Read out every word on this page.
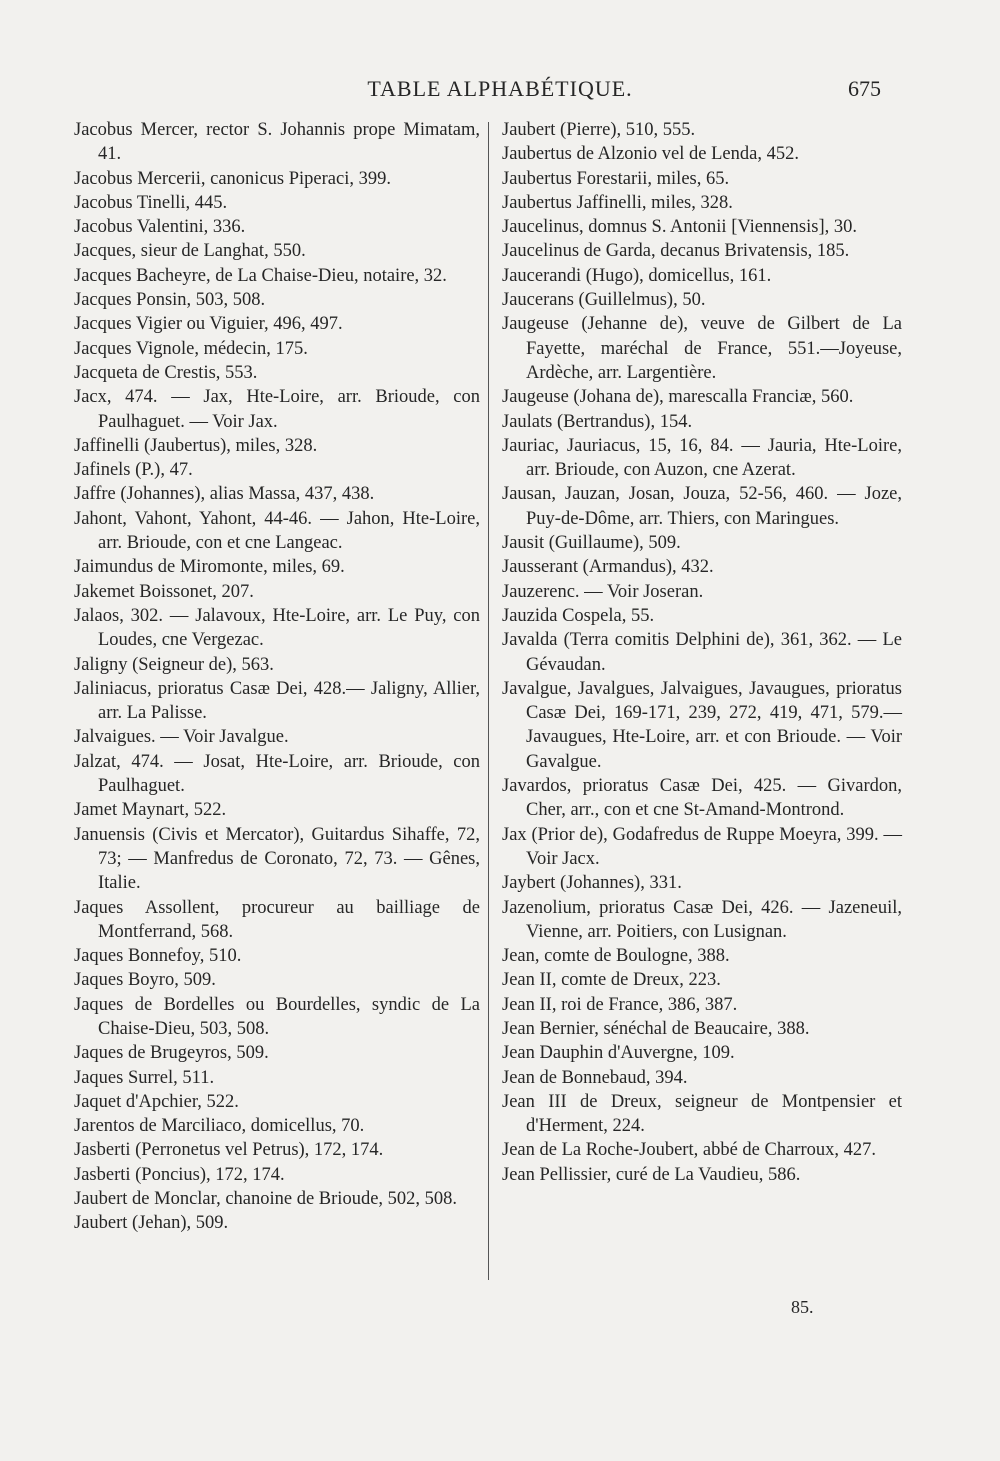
TABLE ALPHABÉTIQUE.	675
Jacobus Mercer, rector S. Johannis prope Mimatam, 41.
Jacobus Mercerii, canonicus Piperaci, 399.
Jacobus Tinelli, 445.
Jacobus Valentini, 336.
Jacques, sieur de Langhat, 550.
Jacques Bacheyre, de La Chaise-Dieu, notaire, 32.
Jacques Ponsin, 503, 508.
Jacques Vigier ou Viguier, 496, 497.
Jacques Vignole, médecin, 175.
Jacqueta de Crestis, 553.
Jacx, 474. — Jax, Hte-Loire, arr. Brioude, con Paulhaguet. — Voir Jax.
Jaffinelli (Jaubertus), miles, 328.
Jafinels (P.), 47.
Jaffre (Johannes), alias Massa, 437, 438.
Jahont, Vahont, Yahont, 44-46. — Jahon, Hte-Loire, arr. Brioude, con et cne Langeac.
Jaimundus de Miromonte, miles, 69.
Jakemet Boissonet, 207.
Jalaos, 302. — Jalavoux, Hte-Loire, arr. Le Puy, con Loudes, cne Vergezac.
Jaligny (Seigneur de), 563.
Jaliniacus, prioratus Casæ Dei, 428.— Jaligny, Allier, arr. La Palisse.
Jalvaigues. — Voir Javalgue.
Jalzat, 474. — Josat, Hte-Loire, arr. Brioude, con Paulhaguet.
Jamet Maynart, 522.
Januensis (Civis et Mercator), Guitardus Sihaffe, 72, 73; — Manfredus de Coronato, 72, 73. — Gênes, Italie.
Jaques Assollent, procureur au bailliage de Montferrand, 568.
Jaques Bonnefoy, 510.
Jaques Boyro, 509.
Jaques de Bordelles ou Bourdelles, syndic de La Chaise-Dieu, 503, 508.
Jaques de Brugeyros, 509.
Jaques Surrel, 511.
Jaquet d'Apchier, 522.
Jarentos de Marciliaco, domicellus, 70.
Jasberti (Perronetus vel Petrus), 172, 174.
Jasberti (Poncius), 172, 174.
Jaubert de Monclar, chanoine de Brioude, 502, 508.
Jaubert (Jehan), 509.
Jaubert (Pierre), 510, 555.
Jaubertus de Alzonio vel de Lenda, 452.
Jaubertus Forestarii, miles, 65.
Jaubertus Jaffinelli, miles, 328.
Jaucelinus, domnus S. Antonii [Viennensis], 30.
Jaucelinus de Garda, decanus Brivatensis, 185.
Jaucerandi (Hugo), domicellus, 161.
Jaucerans (Guillelmus), 50.
Jaugeuse (Jehanne de), veuve de Gilbert de La Fayette, maréchal de France, 551.—Joyeuse, Ardèche, arr. Largentière.
Jaugeuse (Johana de), marescalla Franciæ, 560.
Jaulats (Bertrandus), 154.
Jauriac, Jauriacus, 15, 16, 84. — Jauria, Hte-Loire, arr. Brioude, con Auzon, cne Azerat.
Jausan, Jauzan, Josan, Jouza, 52-56, 460. — Joze, Puy-de-Dôme, arr. Thiers, con Maringues.
Jausit (Guillaume), 509.
Jausserant (Armandus), 432.
Jauzerenc. — Voir Joseran.
Jauzida Cospela, 55.
Javalda (Terra comitis Delphini de), 361, 362. — Le Gévaudan.
Javalgue, Javalgues, Jalvaigues, Javaugues, prioratus Casæ Dei, 169-171, 239, 272, 419, 471, 579.— Javaugues, Hte-Loire, arr. et con Brioude. — Voir Gavalgue.
Javardos, prioratus Casæ Dei, 425. — Givardon, Cher, arr., con et cne St-Amand-Montrond.
Jax (Prior de), Godafredus de Ruppe Moeyra, 399. — Voir Jacx.
Jaybert (Johannes), 331.
Jazenolium, prioratus Casæ Dei, 426. — Jazeneuil, Vienne, arr. Poitiers, con Lusignan.
Jean, comte de Boulogne, 388.
Jean II, comte de Dreux, 223.
Jean II, roi de France, 386, 387.
Jean Bernier, sénéchal de Beaucaire, 388.
Jean Dauphin d'Auvergne, 109.
Jean de Bonnebaud, 394.
Jean III de Dreux, seigneur de Montpensier et d'Herment, 224.
Jean de La Roche-Joubert, abbé de Charroux, 427.
Jean Pellissier, curé de La Vaudieu, 586.
85.
